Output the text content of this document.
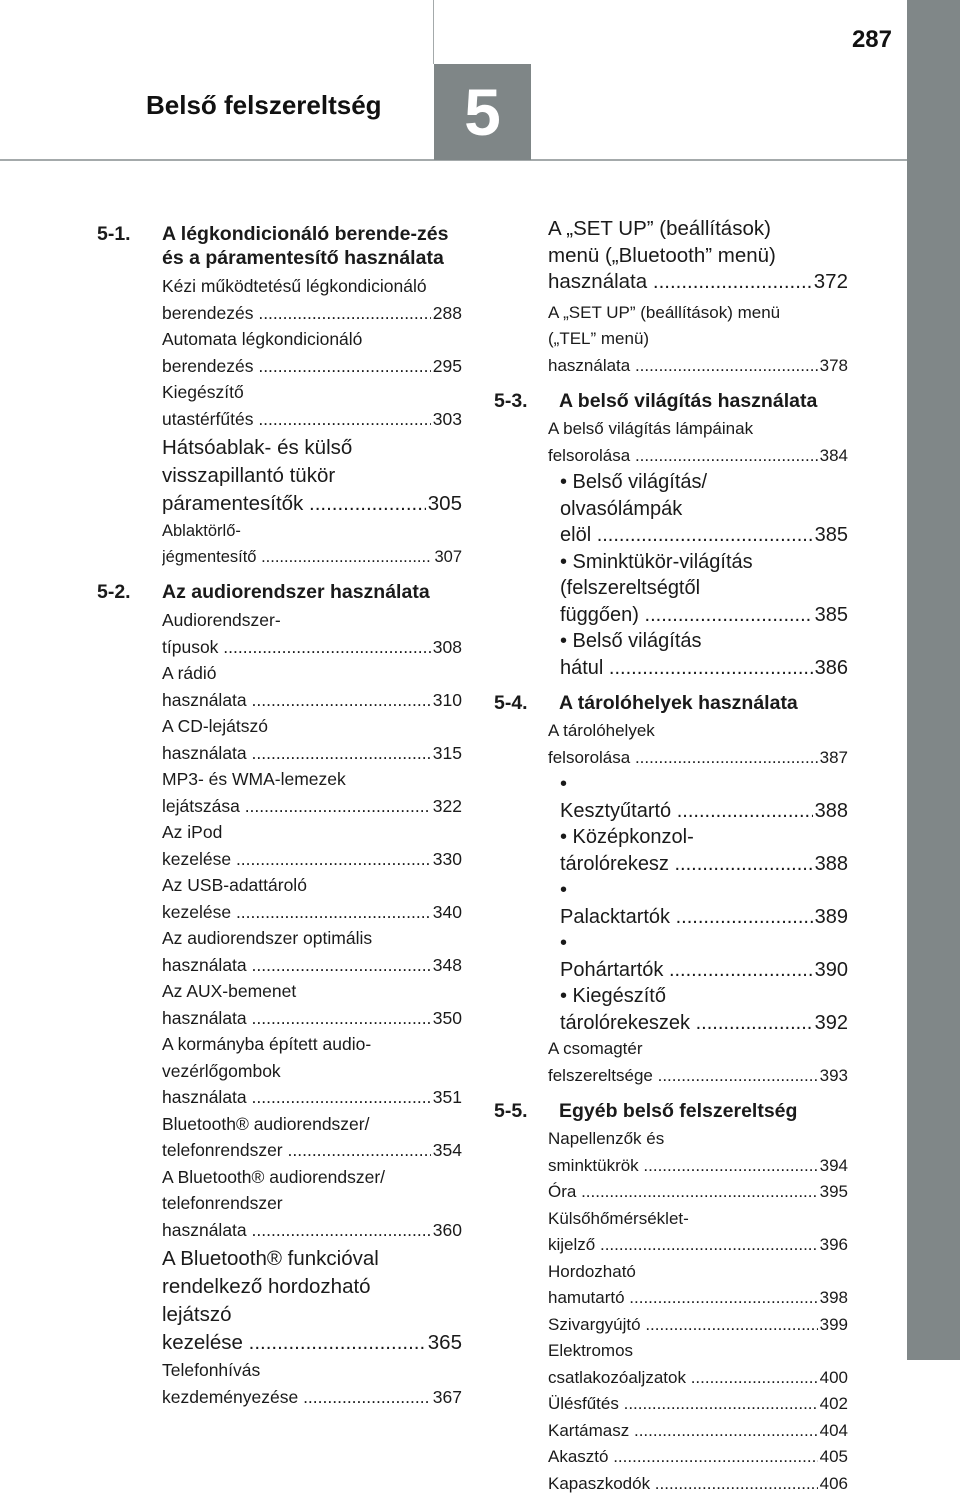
287
5
Belső felszereltség
5-1.	A légkondicionáló berende-zés és a páramentesítő használata
Kézi működtetésű légkondicionáló berendezés .....	288
Automata légkondicionáló berendezés .....	295
Kiegészítő utastérfűtés .....	303
Hátsóablak- és külső visszapillantó tükör páramentesítők .....	305
Ablaktörlő-jégmentesítő .....	307
5-2.	Az audiorendszer használata
Audiorendszer-típusok .....	308
A rádió használata .....	310
A CD-lejátszó használata .....	315
MP3- és WMA-lemezek lejátszása .....	322
Az iPod kezelése .....	330
Az USB-adattároló kezelése .....	340
Az audiorendszer optimális használata .....	348
Az AUX-bemenet használata .....	350
A kormányba épített audio-vezérlőgombok használata .....	351
Bluetooth® audiorendszer/ telefonrendszer .....	354
A Bluetooth® audiorendszer/ telefonrendszer használata .....	360
A Bluetooth® funkcióval rendelkező hordozható lejátszó kezelése .....	365
Telefonhívás kezdeményezése .....	367
A „SET UP” (beállítások) menü („Bluetooth” menü) használata .....	372
A „SET UP” (beállítások) menü („TEL” menü) használata .....	378
5-3.	A belső világítás használata
A belső világítás lámpáinak felsorolása .....	384
• Belső világítás/ olvasólámpák elöl .....	385
• Sminktükör-világítás (felszereltségtől függően) .....	385
• Belső világítás hátul .....	386
5-4.	A tárolóhelyek használata
A tárolóhelyek felsorolása .....	387
• Kesztyűtartó .....	388
• Középkonzol-tárolórekesz .....	388
• Palacktartók .....	389
• Pohártartók .....	390
• Kiegészítő tárolórekeszek .....	392
A csomagtér felszereltsége .....	393
5-5.	Egyéb belső felszereltség
Napellenzők és sminktükrök .....	394
Óra .....	395
Külsőhőmérséklet-kijelző .....	396
Hordozható hamutartó .....	398
Szivargyújtó .....	399
Elektromos csatlakozóaljzatok .....	400
Ülésfűtés .....	402
Kartámasz .....	404
Akasztó .....	405
Kapaszkodók .....	406
